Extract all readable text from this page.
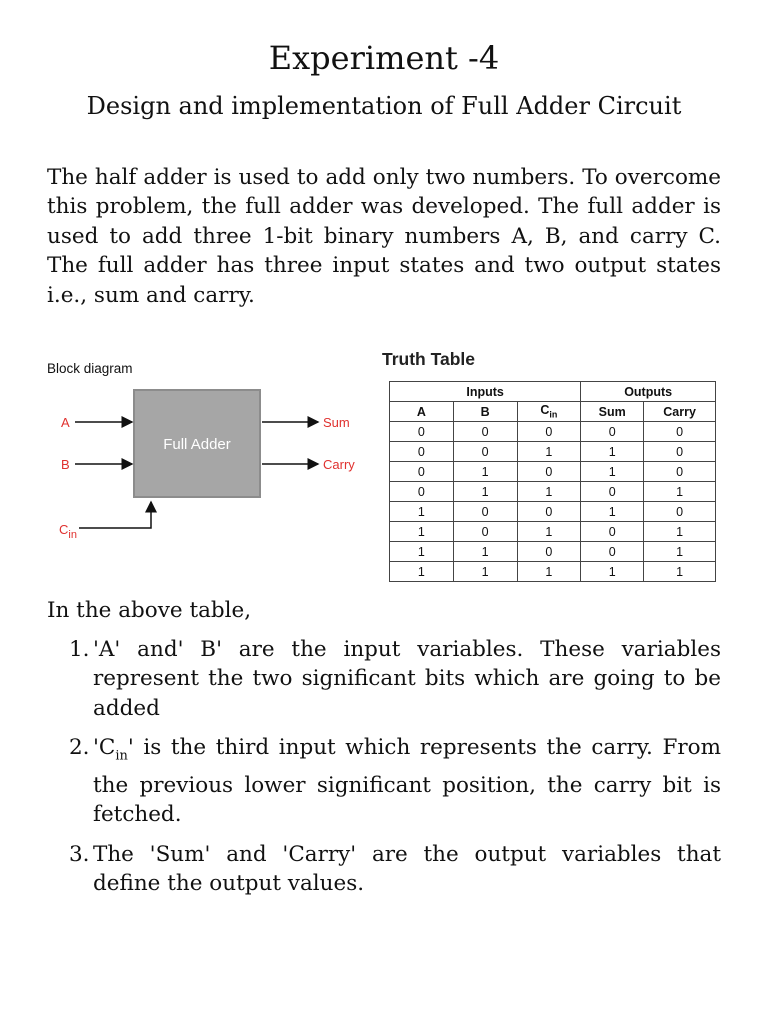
Experiment -4
Design and implementation of Full Adder Circuit

The half adder is used to add only two numbers. To overcome this problem, the full adder was developed. The full adder is used to add three 1-bit binary numbers A, B, and carry C. The full adder has three input states and two output states i.e., sum and carry.

Block diagram
Full Adder
A
B
$C_{in}$
Sum
Carry
Truth Table
Inputs			Outputs	
A	B	$C_{in}$	Sum	Carry
0	0	0	0	0
0	0	1	1	0
0	1	0	1	0
0	1	1	0	1
1	0	0	1	0
1	0	1	0	1
1	1	0	0	1
1	1	1	1	1
In the above table,
1. 'A' and' B' are the input variables. These variables represent the two significant bits which are going to be added
2. '$C_{in}$' is the third input which represents the carry. From the previous lower significant position, the carry bit is fetched.
3. The 'Sum' and 'Carry' are the output variables that define the output values.
